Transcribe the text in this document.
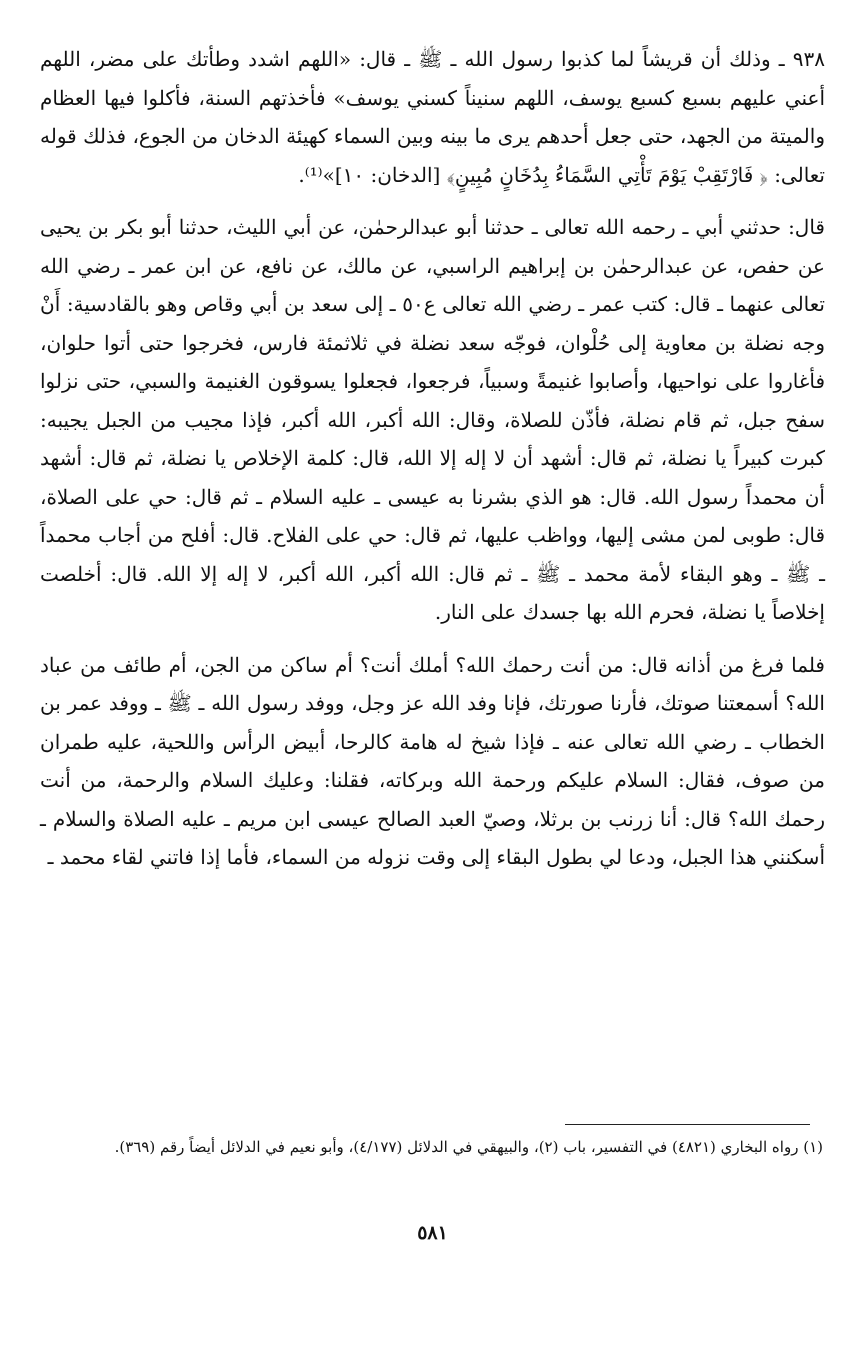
٩٣٨ ـ وذلك أن قريشاً لما كذبوا رسول الله ـ ﷺ ـ قال: «اللهم اشدد وطأتك على مضر، اللهم أعني عليهم بسبع كسبع يوسف، اللهم سنيناً كسني يوسف» فأخذتهم السنة، فأكلوا فيها العظام والميتة من الجهد، حتى جعل أحدهم يرى ما بينه وبين السماء كهيئة الدخان من الجوع، فذلك قوله تعالى: ﴿ فَارْتَقِبْ يَوْمَ تَأْتِي السَّمَاءُ بِدُخَانٍ مُبِينٍ﴾ [الدخان: ١٠]»⁽¹⁾.

قال: حدثني أبي ـ رحمه الله تعالى ـ حدثنا أبو عبدالرحمٰن، عن أبي الليث، حدثنا أبو بكر بن يحيى عن حفص، عن عبدالرحمٰن بن إبراهيم الراسبي، عن مالك، عن نافع، عن ابن عمر ـ رضي الله تعالى عنهما ـ قال: كتب عمر ـ رضي الله تعالى ع٥٠ ـ إلى سعد بن أبي وقاص وهو بالقادسية: أَنْ وجه نضلة بن معاوية إلى حُلْوان، فوجّه سعد نضلة في ثلاثمئة فارس، فخرجوا حتى أتوا حلوان، فأغاروا على نواحيها، وأصابوا غنيمةً وسبياً، فرجعوا، فجعلوا يسوقون الغنيمة والسبي، حتى نزلوا سفح جبل، ثم قام نضلة، فأذّن للصلاة، وقال: الله أكبر، الله أكبر، فإذا مجيب من الجبل يجيبه: كبرت كبيراً يا نضلة، ثم قال: أشهد أن لا إله إلا الله، قال: كلمة الإخلاص يا نضلة، ثم قال: أشهد أن محمداً رسول الله. قال: هو الذي بشرنا به عيسى ـ عليه السلام ـ ثم قال: حي على الصلاة، قال: طوبى لمن مشى إليها، وواظب عليها، ثم قال: حي على الفلاح. قال: أفلح من أجاب محمداً ـ ﷺ ـ وهو البقاء لأمة محمد ـ ﷺ ـ ثم قال: الله أكبر، الله أكبر، لا إله إلا الله. قال: أخلصت إخلاصاً يا نضلة، فحرم الله بها جسدك على النار.

فلما فرغ من أذانه قال: من أنت رحمك الله؟ أملك أنت؟ أم ساكن من الجن، أم طائف من عباد الله؟ أسمعتنا صوتك، فأرنا صورتك، فإنا وفد الله عز وجل، ووفد رسول الله ـ ﷺ ـ ووفد عمر بن الخطاب ـ رضي الله تعالى عنه ـ فإذا شيخ له هامة كالرحا، أبيض الرأس واللحية، عليه طمران من صوف، فقال: السلام عليكم ورحمة الله وبركاته، فقلنا: وعليك السلام والرحمة، من أنت رحمك الله؟ قال: أنا زرنب بن برثلا، وصيّ العبد الصالح عيسى ابن مريم ـ عليه الصلاة والسلام ـ أسكنني هذا الجبل، ودعا لي بطول البقاء إلى وقت نزوله من السماء، فأما إذا فاتني لقاء محمد ـ

(١) رواه البخاري (٤٨٢١) في التفسير، باب (٢)، والبيهقي في الدلائل (٤/١٧٧)، وأبو نعيم في الدلائل أيضاً رقم (٣٦٩).
٥٨١
